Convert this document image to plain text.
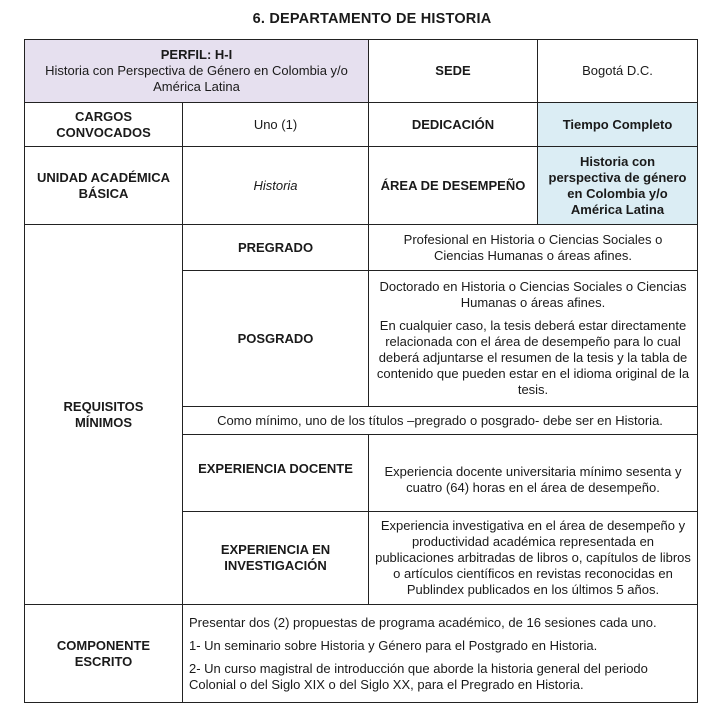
6. DEPARTAMENTO DE HISTORIA
PERFIL: H-I
Historia con Perspectiva de Género en Colombia y/o América Latina		SEDE	Bogotá D.C.
CARGOS CONVOCADOS	Uno (1)	DEDICACIÓN	Tiempo Completo
UNIDAD ACADÉMICA BÁSICA	Historia	ÁREA DE DESEMPEÑO	Historia con perspectiva de género en Colombia y/o América Latina
REQUISITOS MÍNIMOS	PREGRADO	Profesional en Historia o Ciencias Sociales o Ciencias Humanas o áreas afines.	
	POSGRADO	Doctorado en Historia o Ciencias Sociales o Ciencias Humanas o áreas afines.

En cualquier caso, la tesis deberá estar directamente relacionada con el área de desempeño para lo cual deberá adjuntarse el resumen de la tesis y la tabla de contenido que pueden estar en el idioma original de la tesis.	

	Como mínimo, uno de los títulos –pregrado o posgrado- debe ser en Historia.		
	EXPERIENCIA DOCENTE	Experiencia docente universitaria mínimo sesenta y cuatro (64) horas en el área de desempeño.	
	EXPERIENCIA EN INVESTIGACIÓN	Experiencia investigativa en el área de desempeño y productividad académica representada en publicaciones arbitradas de libros o, capítulos de libros o artículos científicos en revistas reconocidas en Publindex publicados en los últimos 5 años.	
COMPONENTE ESCRITO	Presentar dos (2) propuestas de programa académico, de 16 sesiones cada uno.

1- Un seminario sobre Historia y Género para el Postgrado en Historia.

2- Un curso magistral de introducción que aborde la historia general del periodo Colonial o del Siglo XIX o del Siglo XX, para el Pregrado en Historia.		
